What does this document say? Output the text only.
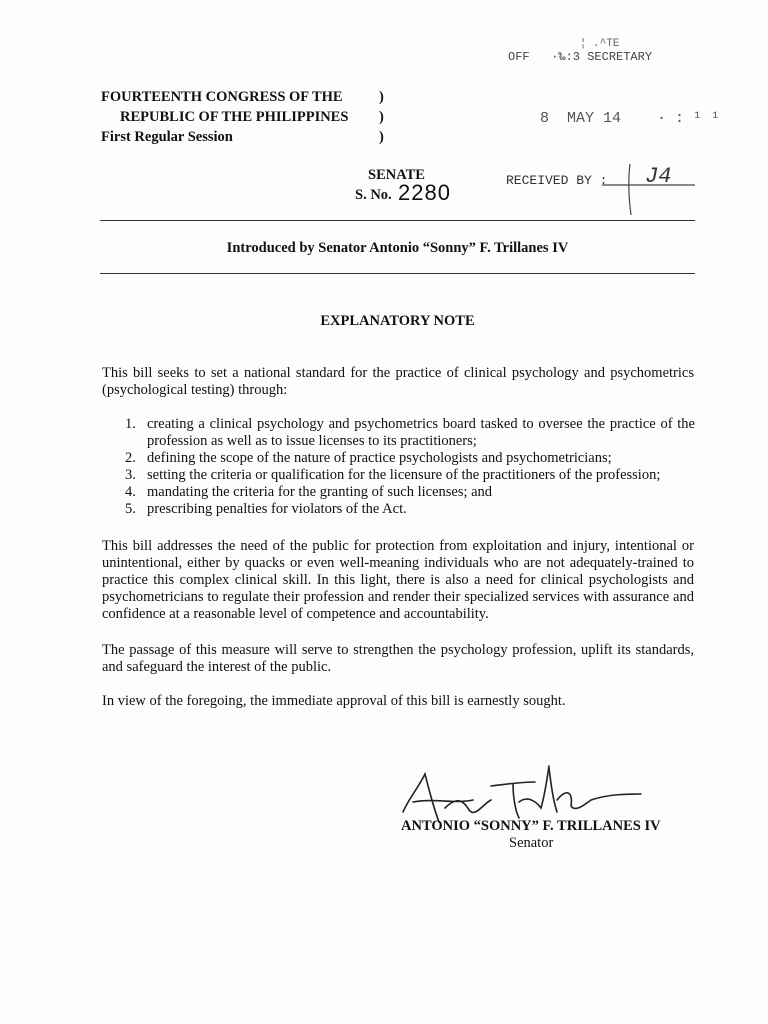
¦ .^TE
OFF   ·‰:3 SECRETARY
8  MAY 14    · : ¹ ¹
RECEIVED BY : J4
FOURTEENTH CONGRESS OF THE	)
REPUBLIC OF THE PHILIPPINES )
First Regular Session	)
SENATE
S. No. 2280
Introduced by Senator Antonio “Sonny” F. Trillanes IV
EXPLANATORY NOTE
This bill seeks to set a national standard for the practice of clinical psychology and psychometrics (psychological testing) through:
1. creating a clinical psychology and psychometrics board tasked to oversee the practice of the profession as well as to issue licenses to its practitioners;
2. defining the scope of the nature of practice psychologists and psychometricians;
3. setting the criteria or qualification for the licensure of the practitioners of the profession;
4. mandating the criteria for the granting of such licenses; and
5. prescribing penalties for violators of the Act.
This bill addresses the need of the public for protection from exploitation and injury, intentional or unintentional, either by quacks or even well-meaning individuals who are not adequately-trained to practice this complex clinical skill. In this light, there is also a need for clinical psychologists and psychometricians to regulate their profession and render their specialized services with assurance and confidence at a reasonable level of competence and accountability.
The passage of this measure will serve to strengthen the psychology profession, uplift its standards, and safeguard the interest of the public.
In view of the foregoing, the immediate approval of this bill is earnestly sought.
ANTONIO “SONNY” F. TRILLANES IV
Senator
